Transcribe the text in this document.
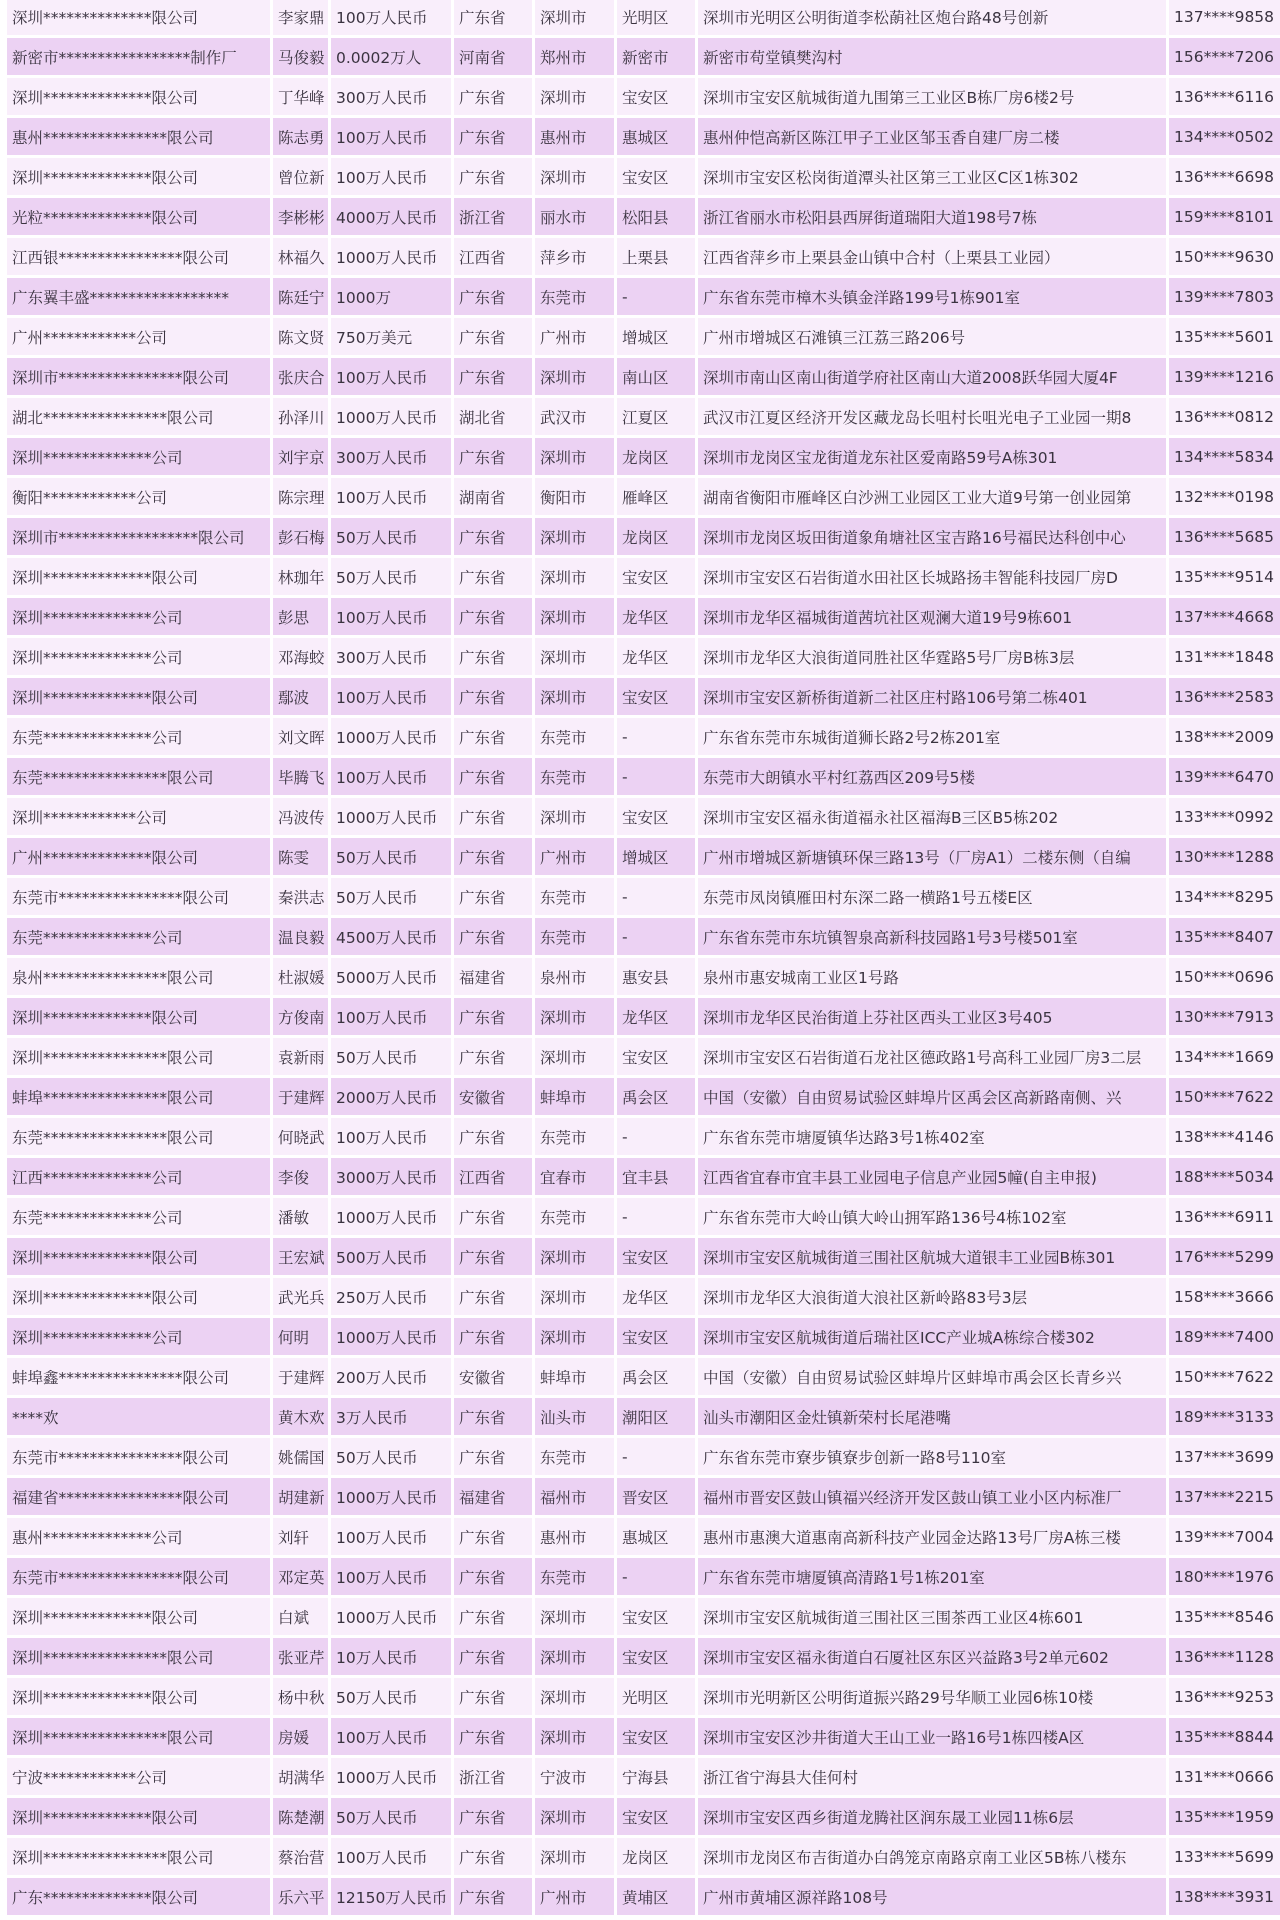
深圳**************限公司	李家鼎	100万人民币	广东省	深圳市	光明区	深圳市光明区公明街道李松蓢社区炮台路48号创新	137****9858
新密市*****************制作厂	马俊毅	0.0002万人	河南省	郑州市	新密市	新密市苟堂镇樊沟村	156****7206
深圳**************限公司	丁华峰	300万人民币	广东省	深圳市	宝安区	深圳市宝安区航城街道九围第三工业区B栋厂房6楼2号	136****6116
惠州****************限公司	陈志勇	100万人民币	广东省	惠州市	惠城区	惠州仲恺高新区陈江甲子工业区邹玉香自建厂房二楼	134****0502
深圳**************限公司	曾位新	100万人民币	广东省	深圳市	宝安区	深圳市宝安区松岗街道潭头社区第三工业区C区1栋302	136****6698
光粒**************限公司	李彬彬	4000万人民币	浙江省	丽水市	松阳县	浙江省丽水市松阳县西屏街道瑞阳大道198号7栋	159****8101
江西银****************限公司	林福久	1000万人民币	江西省	萍乡市	上栗县	江西省萍乡市上栗县金山镇中合村（上栗县工业园）	150****9630
广东翼丰盛******************	陈廷宁	1000万	广东省	东莞市	-	广东省东莞市樟木头镇金洋路199号1栋901室	139****7803
广州************公司	陈文贤	750万美元	广东省	广州市	增城区	广州市增城区石滩镇三江荔三路206号	135****5601
深圳市****************限公司	张庆合	100万人民币	广东省	深圳市	南山区	深圳市南山区南山街道学府社区南山大道2008跃华园大厦4F	139****1216
湖北****************限公司	孙泽川	1000万人民币	湖北省	武汉市	江夏区	武汉市江夏区经济开发区藏龙岛长咀村长咀光电子工业园一期8	136****0812
深圳**************公司	刘宇京	300万人民币	广东省	深圳市	龙岗区	深圳市龙岗区宝龙街道龙东社区爱南路59号A栋301	134****5834
衡阳************公司	陈宗理	100万人民币	湖南省	衡阳市	雁峰区	湖南省衡阳市雁峰区白沙洲工业园区工业大道9号第一创业园第	132****0198
深圳市******************限公司	彭石梅	50万人民币	广东省	深圳市	龙岗区	深圳市龙岗区坂田街道象角塘社区宝吉路16号福民达科创中心	136****5685
深圳**************限公司	林珈年	50万人民币	广东省	深圳市	宝安区	深圳市宝安区石岩街道水田社区长城路扬丰智能科技园厂房D	135****9514
深圳**************公司	彭思	100万人民币	广东省	深圳市	龙华区	深圳市龙华区福城街道茜坑社区观澜大道19号9栋601	137****4668
深圳**************公司	邓海蛟	300万人民币	广东省	深圳市	龙华区	深圳市龙华区大浪街道同胜社区华霆路5号厂房B栋3层	131****1848
深圳**************限公司	鄢波	100万人民币	广东省	深圳市	宝安区	深圳市宝安区新桥街道新二社区庄村路106号第二栋401	136****2583
东莞**************公司	刘文晖	1000万人民币	广东省	东莞市	-	广东省东莞市东城街道狮长路2号2栋201室	138****2009
东莞****************限公司	毕腾飞	100万人民币	广东省	东莞市	-	东莞市大朗镇水平村红荔西区209号5楼	139****6470
深圳************公司	冯波传	1000万人民币	广东省	深圳市	宝安区	深圳市宝安区福永街道福永社区福海B三区B5栋202	133****0992
广州**************限公司	陈雯	50万人民币	广东省	广州市	增城区	广州市增城区新塘镇环保三路13号（厂房A1）二楼东侧（自编	130****1288
东莞市****************限公司	秦洪志	50万人民币	广东省	东莞市	-	东莞市凤岗镇雁田村东深二路一横路1号五楼E区	134****8295
东莞**************公司	温良毅	4500万人民币	广东省	东莞市	-	广东省东莞市东坑镇智泉高新科技园路1号3号楼501室	135****8407
泉州****************限公司	杜淑媛	5000万人民币	福建省	泉州市	惠安县	泉州市惠安城南工业区1号路	150****0696
深圳**************限公司	方俊南	100万人民币	广东省	深圳市	龙华区	深圳市龙华区民治街道上芬社区西头工业区3号405	130****7913
深圳****************限公司	袁新雨	50万人民币	广东省	深圳市	宝安区	深圳市宝安区石岩街道石龙社区德政路1号高科工业园厂房3二层	134****1669
蚌埠****************限公司	于建辉	2000万人民币	安徽省	蚌埠市	禹会区	中国（安徽）自由贸易试验区蚌埠片区禹会区高新路南侧、兴	150****7622
东莞****************限公司	何晓武	100万人民币	广东省	东莞市	-	广东省东莞市塘厦镇华达路3号1栋402室	138****4146
江西**************公司	李俊	3000万人民币	江西省	宜春市	宜丰县	江西省宜春市宜丰县工业园电子信息产业园5幢(自主申报)	188****5034
东莞**************公司	潘敏	1000万人民币	广东省	东莞市	-	广东省东莞市大岭山镇大岭山拥军路136号4栋102室	136****6911
深圳**************限公司	王宏斌	500万人民币	广东省	深圳市	宝安区	深圳市宝安区航城街道三围社区航城大道银丰工业园B栋301	176****5299
深圳**************限公司	武光兵	250万人民币	广东省	深圳市	龙华区	深圳市龙华区大浪街道大浪社区新岭路83号3层	158****3666
深圳**************公司	何明	1000万人民币	广东省	深圳市	宝安区	深圳市宝安区航城街道后瑞社区ICC产业城A栋综合楼302	189****7400
蚌埠鑫****************限公司	于建辉	200万人民币	安徽省	蚌埠市	禹会区	中国（安徽）自由贸易试验区蚌埠片区蚌埠市禹会区长青乡兴	150****7622
****欢	黄木欢	3万人民币	广东省	汕头市	潮阳区	汕头市潮阳区金灶镇新荣村长尾港嘴	189****3133
东莞市****************限公司	姚儒国	50万人民币	广东省	东莞市	-	广东省东莞市寮步镇寮步创新一路8号110室	137****3699
福建省****************限公司	胡建新	1000万人民币	福建省	福州市	晋安区	福州市晋安区鼓山镇福兴经济开发区鼓山镇工业小区内标准厂	137****2215
惠州**************公司	刘轩	100万人民币	广东省	惠州市	惠城区	惠州市惠澳大道惠南高新科技产业园金达路13号厂房A栋三楼	139****7004
东莞市****************限公司	邓定英	100万人民币	广东省	东莞市	-	广东省东莞市塘厦镇高清路1号1栋201室	180****1976
深圳**************限公司	白斌	1000万人民币	广东省	深圳市	宝安区	深圳市宝安区航城街道三围社区三围茶西工业区4栋601	135****8546
深圳****************限公司	张亚芹	10万人民币	广东省	深圳市	宝安区	深圳市宝安区福永街道白石厦社区东区兴益路3号2单元602	136****1128
深圳**************限公司	杨中秋	50万人民币	广东省	深圳市	光明区	深圳市光明新区公明街道振兴路29号华顺工业园6栋10楼	136****9253
深圳****************限公司	房媛	100万人民币	广东省	深圳市	宝安区	深圳市宝安区沙井街道大王山工业一路16号1栋四楼A区	135****8844
宁波************公司	胡满华	1000万人民币	浙江省	宁波市	宁海县	浙江省宁海县大佳何村	131****0666
深圳**************限公司	陈楚潮	50万人民币	广东省	深圳市	宝安区	深圳市宝安区西乡街道龙腾社区润东晟工业园11栋6层	135****1959
深圳****************限公司	蔡治营	100万人民币	广东省	深圳市	龙岗区	深圳市龙岗区布吉街道办白鸽笼京南路京南工业区5B栋八楼东	133****5699
广东**************限公司	乐六平	12150万人民币	广东省	广州市	黄埔区	广州市黄埔区源祥路108号	138****3931
